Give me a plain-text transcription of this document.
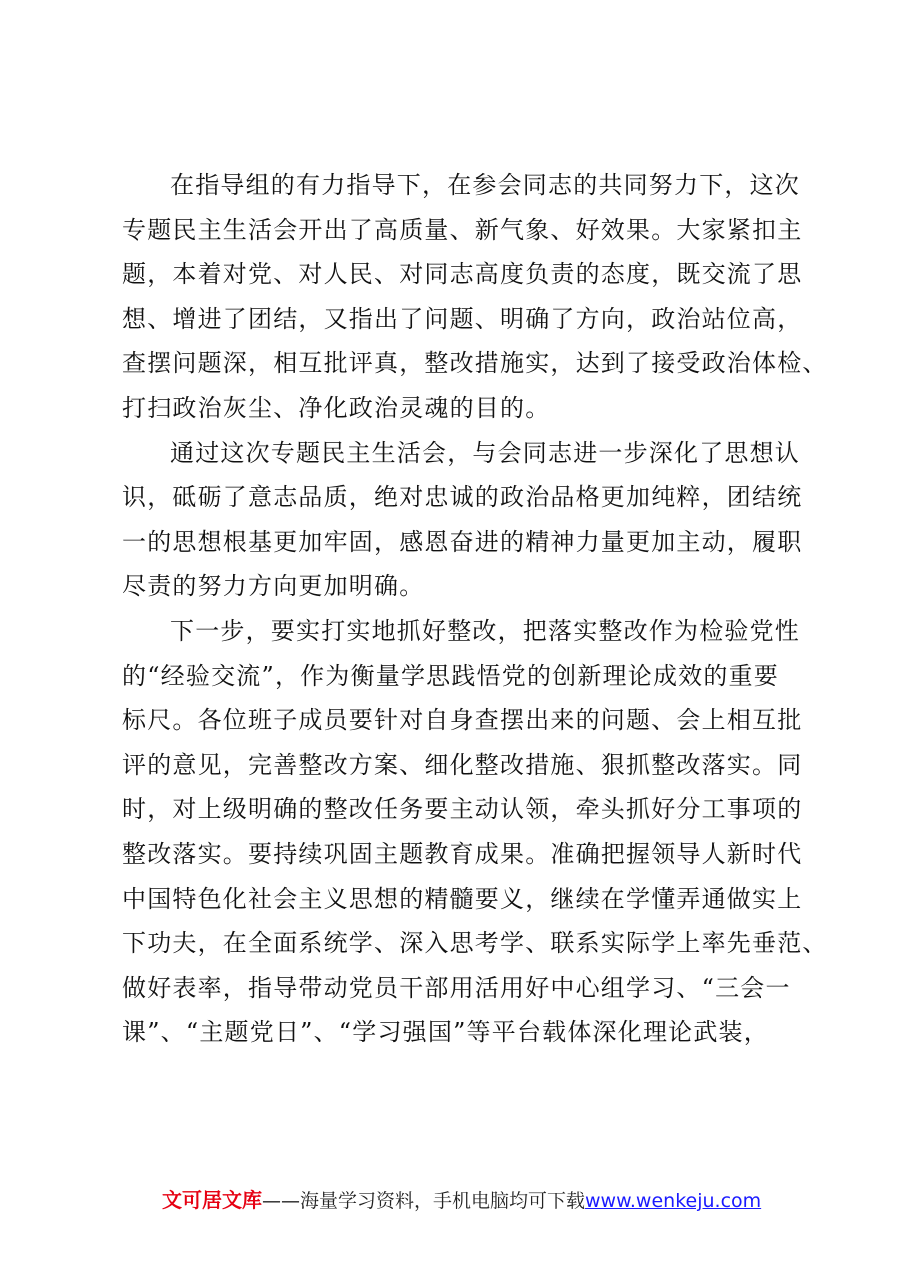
在指导组的有力指导下，在参会同志的共同努力下，这次
专题民主生活会开出了高质量、新气象、好效果。大家紧扣主
题，本着对党、对人民、对同志高度负责的态度，既交流了思
想、增进了团结，又指出了问题、明确了方向，政治站位高，
查摆问题深，相互批评真，整改措施实，达到了接受政治体检、
打扫政治灰尘、净化政治灵魂的目的。

通过这次专题民主生活会，与会同志进一步深化了思想认
识，砥砺了意志品质，绝对忠诚的政治品格更加纯粹，团结统
一的思想根基更加牢固，感恩奋进的精神力量更加主动，履职
尽责的努力方向更加明确。

下一步，要实打实地抓好整改，把落实整改作为检验党性
的“经验交流”，作为衡量学思践悟党的创新理论成效的重要
标尺。各位班子成员要针对自身查摆出来的问题、会上相互批
评的意见，完善整改方案、细化整改措施、狠抓整改落实。同
时，对上级明确的整改任务要主动认领，牵头抓好分工事项的
整改落实。要持续巩固主题教育成果。准确把握领导人新时代
中国特色化社会主义思想的精髓要义，继续在学懂弄通做实上
下功夫，在全面系统学、深入思考学、联系实际学上率先垂范、
做好表率，指导带动党员干部用活用好中心组学习、“三会一
课”、“主题党日”、“学习强国”等平台载体深化理论武装，

文可居文库——海量学习资料，手机电脑均可下载www.wenkeju.com
